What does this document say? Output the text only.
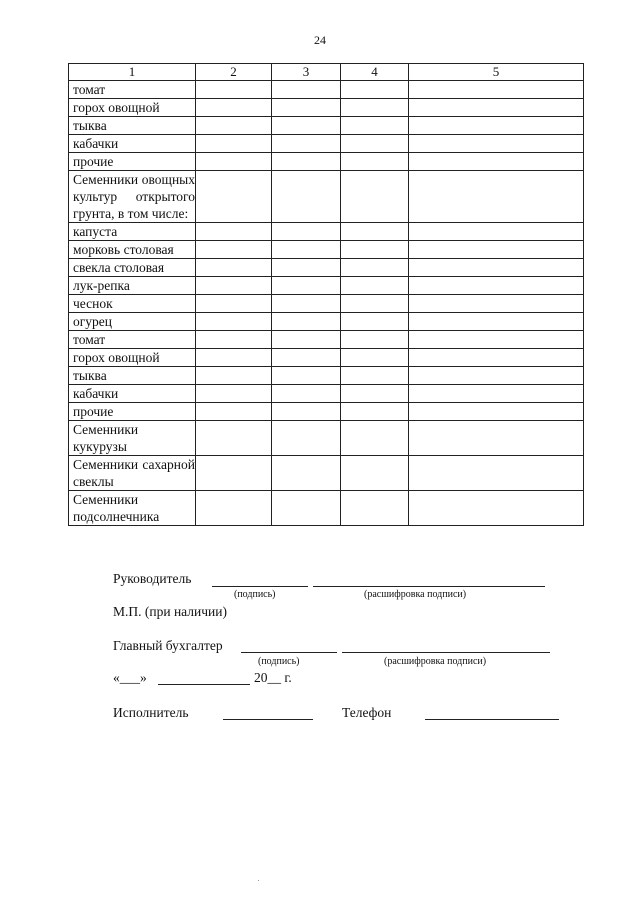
24
1	2	3	4	5
томат				
горох овощной				
тыква				
кабачки				
прочие				
Семенники овощных культур открытого грунта, в том числе:				
капуста				
морковь столовая				
свекла столовая				
лук-репка				
чеснок				
огурец				
томат				
горох овощной				
тыква				
кабачки				
прочие				
Семенники кукурузы				
Семенники сахарной свеклы				
Семенники подсолнечника				
Руководитель
(подпись)	(расшифровка подписи)
М.П. (при наличии)
Главный бухгалтер
(подпись)	(расшифровка подписи)
«___»	20__ г.
Исполнитель	Телефон
